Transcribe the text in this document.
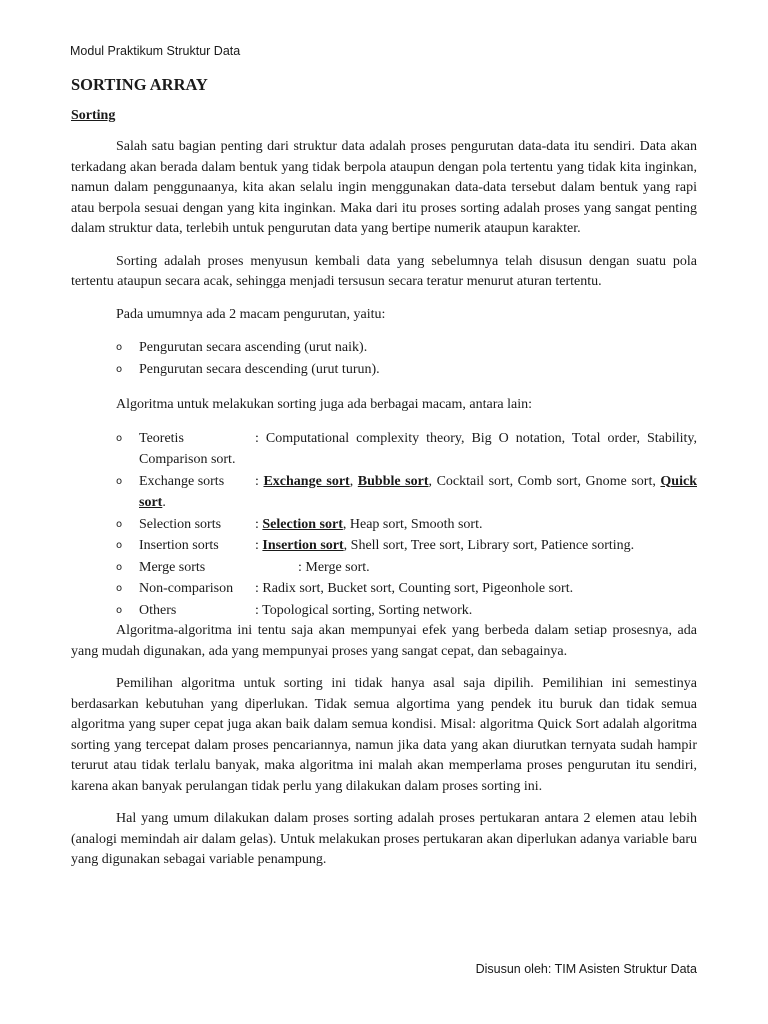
Modul Praktikum Struktur Data
SORTING ARRAY
Sorting

Salah satu bagian penting dari struktur data adalah proses pengurutan data-data itu sendiri. Data akan terkadang akan berada dalam bentuk yang tidak berpola ataupun dengan pola tertentu yang tidak kita inginkan, namun dalam penggunaanya, kita akan selalu ingin menggunakan data-data tersebut dalam bentuk yang rapi atau berpola sesuai dengan yang kita inginkan. Maka dari itu proses sorting adalah proses yang sangat penting dalam struktur data, terlebih untuk pengurutan data yang bertipe numerik ataupun karakter.

Sorting adalah proses menyusun kembali data yang sebelumnya telah disusun dengan suatu pola tertentu ataupun secara acak, sehingga menjadi tersusun secara teratur menurut aturan tertentu.

Pada umumnya ada 2 macam pengurutan, yaitu:

o Pengurutan secara ascending (urut naik).
o Pengurutan secara descending (urut turun).

Algoritma untuk melakukan sorting juga ada berbagai macam, antara lain:

o Teoretis	: Computational complexity theory, Big O notation, Total order, Stability, Comparison sort.
o Exchange sorts : Exchange sort, Bubble sort, Cocktail sort, Comb sort, Gnome sort, Quick sort.
o Selection sorts : Selection sort, Heap sort, Smooth sort.
o Insertion sorts	: Insertion sort, Shell sort, Tree sort, Library sort, Patience sorting.
o Merge sorts	: Merge sort.
o Non-comparison : Radix sort, Bucket sort, Counting sort, Pigeonhole sort.
o Others	: Topological sorting, Sorting network.

Algoritma-algoritma ini tentu saja akan mempunyai efek yang berbeda dalam setiap prosesnya, ada yang mudah digunakan, ada yang mempunyai proses yang sangat cepat, dan sebagainya.

Pemilihan algoritma untuk sorting ini tidak hanya asal saja dipilih. Pemilihian ini semestinya berdasarkan kebutuhan yang diperlukan. Tidak semua algortima yang pendek itu buruk dan tidak semua algoritma yang super cepat juga akan baik dalam semua kondisi. Misal: algoritma Quick Sort adalah algoritma sorting yang tercepat dalam proses pencariannya, namun jika data yang akan diurutkan ternyata sudah hampir terurut atau tidak terlalu banyak, maka algoritma ini malah akan memperlama proses pengurutan itu sendiri, karena akan banyak perulangan tidak perlu yang dilakukan dalam proses sorting ini.

Hal yang umum dilakukan dalam proses sorting adalah proses pertukaran antara 2 elemen atau lebih (analogi memindah air dalam gelas). Untuk melakukan proses pertukaran akan diperlukan adanya variable baru yang digunakan sebagai variable penampung.

Disusun oleh: TIM Asisten Struktur Data
